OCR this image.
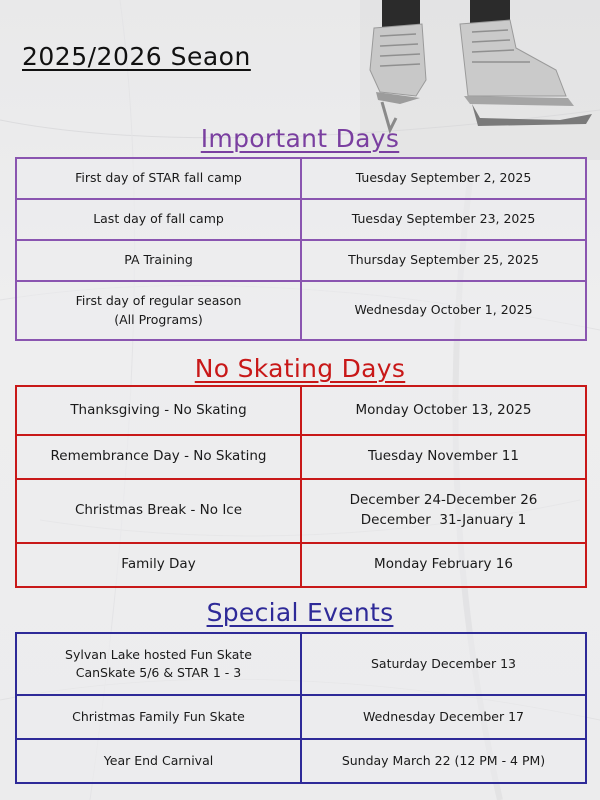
2025/2026 Seaon
Important Days
First day of STAR fall camp	Tuesday September 2, 2025

Last day of fall camp	Tuesday September 23, 2025

PA Training	Thursday September 25, 2025

First day of regular season
(All Programs)	Wednesday October 1, 2025
No Skating Days
Thanksgiving - No Skating	Monday October 13, 2025

Remembrance Day - No Skating	Tuesday November 11

Christmas Break - No Ice	December 24-December 26
December  31-January 1

Family Day	Monday February 16
Special Events
Sylvan Lake hosted Fun Skate
CanSkate 5/6 & STAR 1 - 3	Saturday December 13

Christmas Family Fun Skate	Wednesday December 17

Year End Carnival	Sunday March 22 (12 PM - 4 PM)
